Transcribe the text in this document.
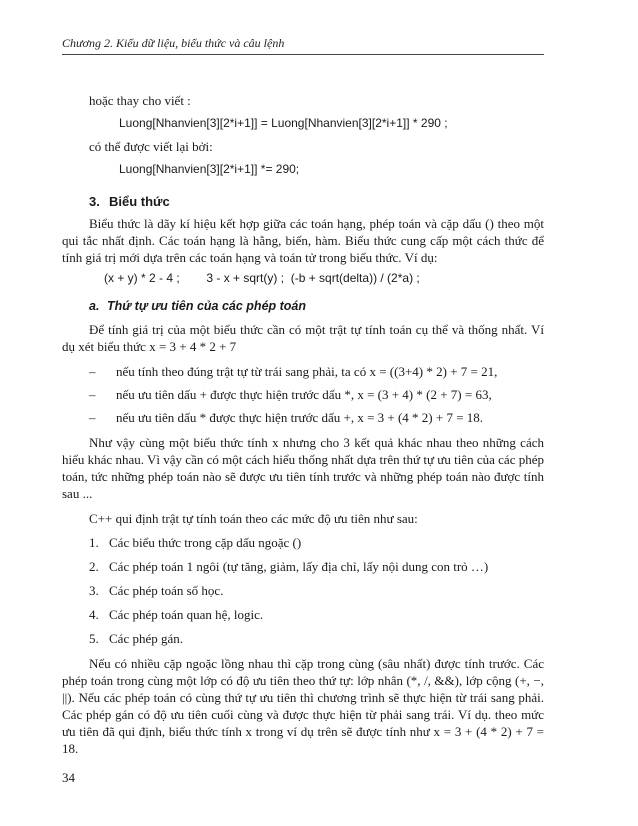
Chương 2. Kiểu dữ liệu, biểu thức và câu lệnh

hoặc thay cho viết :

Luong[Nhanvien[3][2*i+1]] = Luong[Nhanvien[3][2*i+1]] * 290 ;

có thể được viết lại bởi:

Luong[Nhanvien[3][2*i+1]] *= 290;

3. Biểu thức

Biểu thức là dãy kí hiệu kết hợp giữa các toán hạng, phép toán và cặp dấu () theo một qui tắc nhất định. Các toán hạng là hằng, biến, hàm. Biểu thức cung cấp một cách thức để tính giá trị mới dựa trên các toán hạng và toán tử trong biểu thức. Ví dụ:

(x + y) * 2 - 4 ;        3 - x + sqrt(y) ;  (-b + sqrt(delta)) / (2*a) ;

a. Thứ tự ưu tiên của các phép toán

Để tính giá trị của một biểu thức cần có một trật tự tính toán cụ thể và thống nhất. Ví dụ xét biểu thức x = 3 + 4 * 2 + 7

– nếu tính theo đúng trật tự từ trái sang phải, ta có x = ((3+4) * 2) + 7 = 21,

– nếu ưu tiên dấu + được thực hiện trước dấu *, x = (3 + 4) * (2 + 7) = 63,

– nếu ưu tiên dấu * được thực hiện trước dấu +, x = 3 + (4 * 2) + 7 = 18.

Như vậy cùng một biểu thức tính x nhưng cho 3 kết quả khác nhau theo những cách hiểu khác nhau. Vì vậy cần có một cách hiểu thống nhất dựa trên thứ tự ưu tiên của các phép toán, tức những phép toán nào sẽ được ưu tiên tính trước và những phép toán nào được tính sau ...

C++ qui định trật tự tính toán theo các mức độ ưu tiên như sau:

1. Các biểu thức trong cặp dấu ngoặc ()

2. Các phép toán 1 ngôi (tự tăng, giảm, lấy địa chỉ, lấy nội dung con trỏ …)

3. Các phép toán số học.

4. Các phép toán quan hệ, logic.

5. Các phép gán.

Nếu có nhiều cặp ngoặc lồng nhau thì cặp trong cùng (sâu nhất) được tính trước. Các phép toán trong cùng một lớp có độ ưu tiên theo thứ tự: lớp nhân (*, /, &&), lớp cộng (+, −, ||). Nếu các phép toán có cùng thứ tự ưu tiên thì chương trình sẽ thực hiện từ trái sang phải. Các phép gán có độ ưu tiên cuối cùng và được thực hiện từ phải sang trái. Ví dụ. theo mức ưu tiên đã qui định, biểu thức tính x trong ví dụ trên sẽ được tính như x = 3 + (4 * 2) + 7 = 18.

34
